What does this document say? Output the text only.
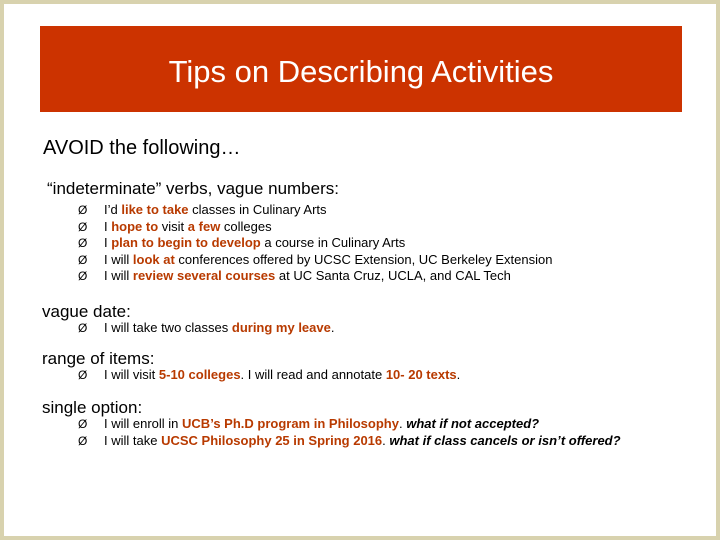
Tips on Describing Activities
AVOID the following…
“indeterminate” verbs, vague numbers:
Ø I’d like to take classes in Culinary Arts
Ø I hope to visit a few colleges
Ø I plan to begin to develop a course in Culinary Arts
Ø I will look at conferences offered by UCSC Extension, UC Berkeley Extension
Ø I will review several courses at UC Santa Cruz, UCLA, and CAL Tech
vague date:
Ø I will take two classes during my leave.
range of items:
Ø I will visit 5-10 colleges. I will read and annotate 10- 20 texts.
single option:
Ø I will enroll in UCB’s Ph.D program in Philosophy. what if not accepted?
Ø I will take UCSC Philosophy 25 in Spring 2016. what if class cancels or isn’t offered?
